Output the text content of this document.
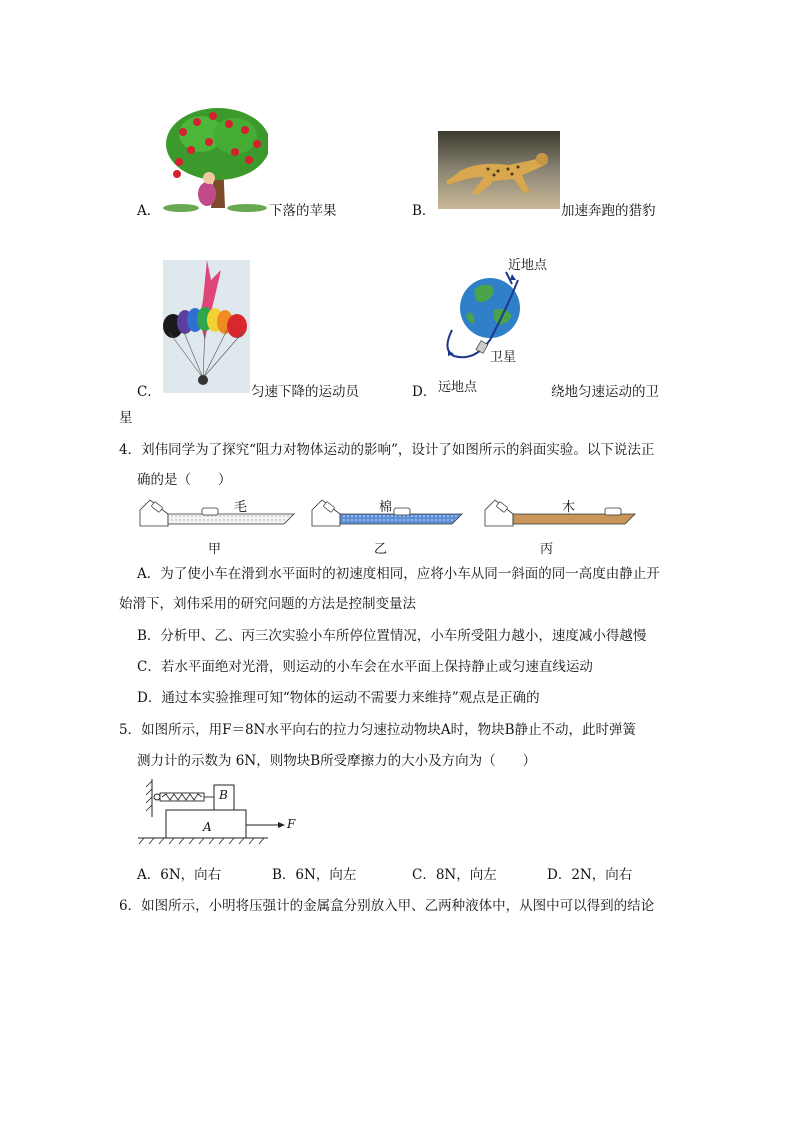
A．	下落的苹果	B．	加速奔跑的猎豹
C．	匀速下降的运动员
近地点
卫星
远地点
D．	绕地匀速运动的卫
星
4．刘伟同学为了探究“阻力对物体运动的影响”，设计了如图所示的斜面实验。以下说法正
确的是（　　）
毛	棉	木
甲	乙	丙
A．为了使小车在滑到水平面时的初速度相同，应将小车从同一斜面的同一高度由静止开
始滑下，刘伟采用的研究问题的方法是控制变量法
B．分析甲、乙、丙三次实验小车所停位置情况，小车所受阻力越小，速度减小得越慢
C．若水平面绝对光滑，则运动的小车会在水平面上保持静止或匀速直线运动
D．通过本实验推理可知“物体的运动不需要力来维持”观点是正确的
5．如图所示，用F＝8N水平向右的拉力匀速拉动物块A时，物块B静止不动，此时弹簧
测力计的示数为 6N，则物块B所受摩擦力的大小及方向为（　　）
B
A	F
A．6N，向右	B．6N，向左	C．8N，向左	D．2N，向右
6．如图所示，小明将压强计的金属盒分别放入甲、乙两种液体中，从图中可以得到的结论
